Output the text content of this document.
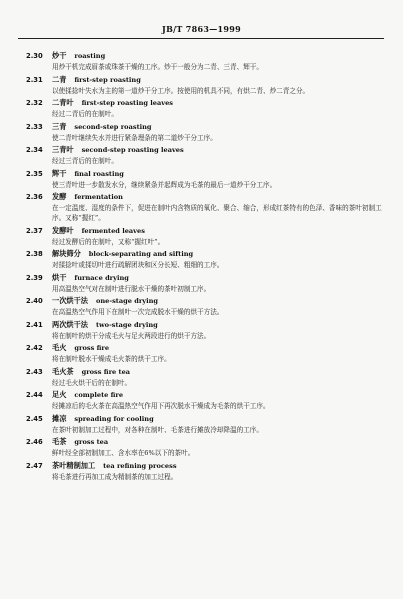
JB/T 7863—1999
2.30 炒干 roasting
用炒干机完成眉茶或珠茶干燥的工序。炒干一般分为二青、三青、辉干。
2.31 二青 first-step roasting
以使揉捻叶失水为主的第一道炒干分工序。按使用的机具不同，有烘二青、炒二青之分。
2.32 二青叶 first-step roasting leaves
经过二青后的在制叶。
2.33 三青 second-step roasting
使二青叶继续失水并进行紧条理条的第二道炒干分工序。
2.34 三青叶 second-step roasting leaves
经过三青后的在制叶。
2.35 辉干 final roasting
使三青叶进一步散发水分，继续紧条并起辉成为毛茶的最后一道炒干分工序。
2.36 发酵 fermentation
在一定温度、湿度的条件下，促进在制叶内含物质的氧化、聚合、缩合，形成红茶特有的色泽、香味的茶叶初制工序。又称“握红”。
2.37 发酵叶 fermented leaves
经过发酵后的在制叶，又称“握红叶”。
2.38 解块筛分 block-separating and sifting
对揉捻叶或揉切叶进行疏解团块和区分长短、粗细的工序。
2.39 烘干 furnace drying
用高温热空气对在制叶进行脱水干燥的茶叶初制工序。
2.40 一次烘干法 one-stage drying
在高温热空气作用下在制叶一次完成脱水干燥的烘干方法。
2.41 两次烘干法 two-stage drying
将在制叶的烘干分成毛火与足火两段进行的烘干方法。
2.42 毛火 gross fire
将在制叶脱水干燥成毛火茶的烘干工序。
2.43 毛火茶 gross fire tea
经过毛火烘干后的在制叶。
2.44 足火 complete fire
经摊凉后的毛火茶在高温热空气作用下再次脱水干燥成为毛茶的烘干工序。
2.45 摊凉 spreading for cooling
在茶叶初制加工过程中，对各种在制叶、毛茶进行摊放冷却降温的工序。
2.46 毛茶 gross tea
鲜叶经全部初制加工、含水率在6%以下的茶叶。
2.47 茶叶精制加工 tea refining process
将毛茶进行再加工成为精制茶的加工过程。
